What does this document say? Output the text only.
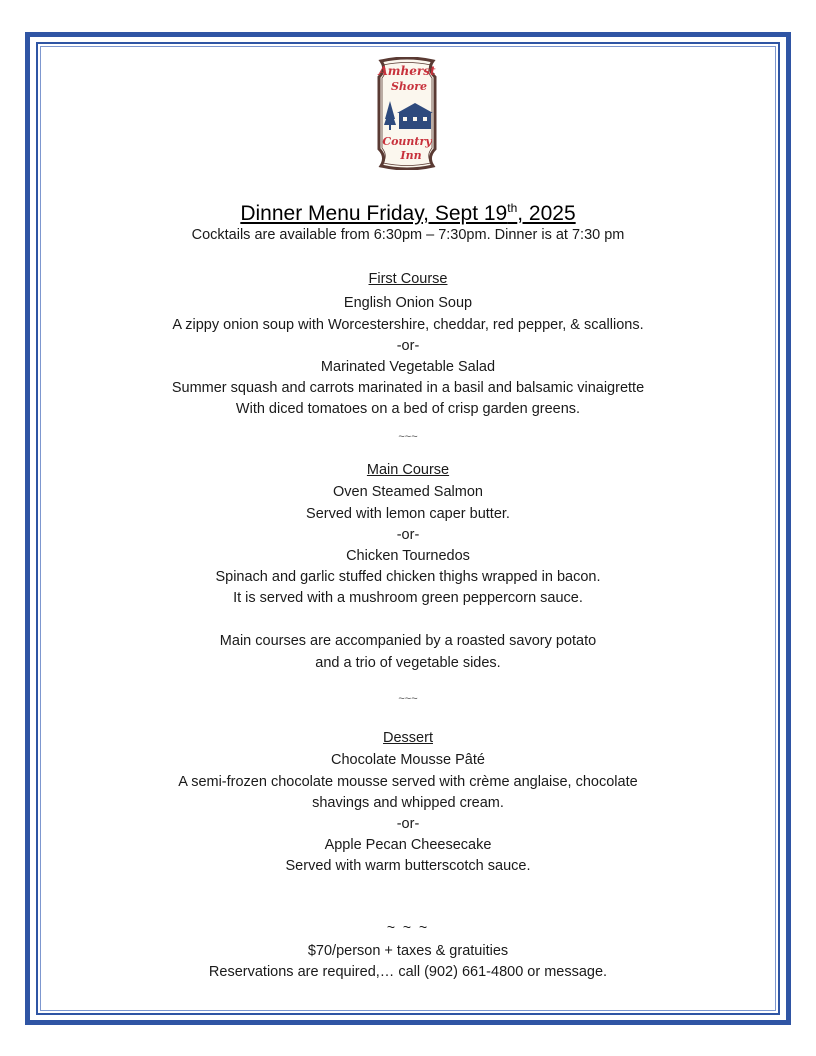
Amherst
Shore
Country
Inn
Dinner Menu Friday, Sept 19th, 2025
Cocktails are available from 6:30pm – 7:30pm. Dinner is at 7:30 pm
First Course
English Onion Soup
A zippy onion soup with Worcestershire, cheddar, red pepper, & scallions.
-or-
Marinated Vegetable Salad
Summer squash and carrots marinated in a basil and balsamic vinaigrette
With diced tomatoes on a bed of crisp garden greens.
~~~
Main Course
Oven Steamed Salmon
Served with lemon caper butter.
-or-
Chicken Tournedos
Spinach and garlic stuffed chicken thighs wrapped in bacon.
It is served with a mushroom green peppercorn sauce.
Main courses are accompanied by a roasted savory potato
and a trio of vegetable sides.
~~~
Dessert
Chocolate Mousse Pâté
A semi-frozen chocolate mousse served with crème anglaise, chocolate
shavings and whipped cream.
-or-
Apple Pecan Cheesecake
Served with warm butterscotch sauce.
~ ~ ~
$70/person + taxes & gratuities
Reservations are required,… call (902) 661-4800 or message.
